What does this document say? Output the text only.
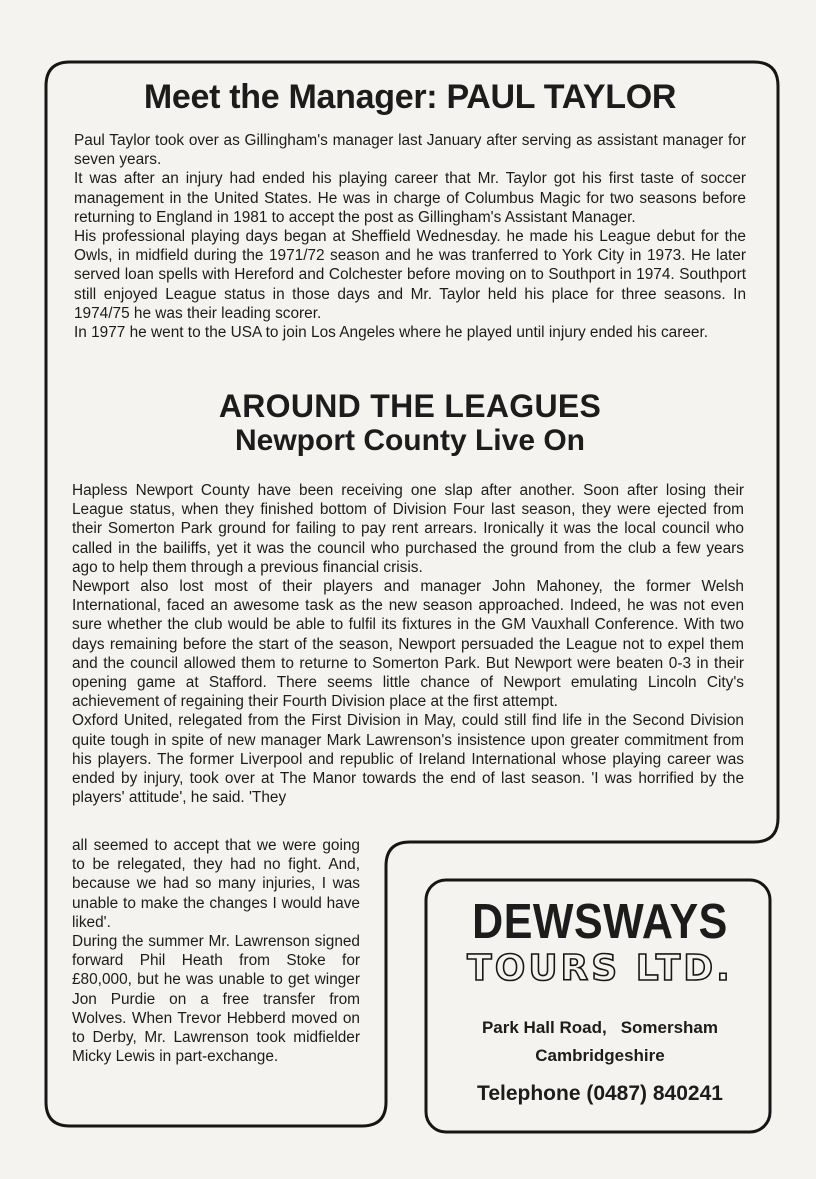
Meet the Manager: PAUL TAYLOR

Paul Taylor took over as Gillingham's manager last January after serving as assistant manager for seven years.

It was after an injury had ended his playing career that Mr. Taylor got his first taste of soccer management in the United States. He was in charge of Columbus Magic for two seasons before returning to England in 1981 to accept the post as Gillingham's Assistant Manager.

His professional playing days began at Sheffield Wednesday. he made his League debut for the Owls, in midfield during the 1971/72 season and he was tranferred to York City in 1973. He later served loan spells with Hereford and Colchester before moving on to Southport in 1974. Southport still enjoyed League status in those days and Mr. Taylor held his place for three seasons. In 1974/75 he was their leading scorer.

In 1977 he went to the USA to join Los Angeles where he played until injury ended his career.

AROUND THE LEAGUES
Newport County Live On

Hapless Newport County have been receiving one slap after another. Soon after losing their League status, when they finished bottom of Division Four last season, they were ejected from their Somerton Park ground for failing to pay rent arrears. Ironically it was the local council who called in the bailiffs, yet it was the council who purchased the ground from the club a few years ago to help them through a previous financial crisis.

Newport also lost most of their players and manager John Mahoney, the former Welsh International, faced an awesome task as the new season approached. Indeed, he was not even sure whether the club would be able to fulfil its fixtures in the GM Vauxhall Conference. With two days remaining before the start of the season, Newport persuaded the League not to expel them and the council allowed them to returne to Somerton Park. But Newport were beaten 0-3 in their opening game at Stafford. There seems little chance of Newport emulating Lincoln City's achievement of regaining their Fourth Division place at the first attempt.

Oxford United, relegated from the First Division in May, could still find life in the Second Division quite tough in spite of new manager Mark Lawrenson's insistence upon greater commitment from his players. The former Liverpool and republic of Ireland International whose playing career was ended by injury, took over at The Manor towards the end of last season. 'I was horrified by the players' attitude', he said. 'They

all seemed to accept that we were going to be relegated, they had no fight. And, because we had so many injuries, I was unable to make the changes I would have liked'.

During the summer Mr. Lawrenson signed forward Phil Heath from Stoke for £80,000, but he was unable to get winger Jon Purdie on a free transfer from Wolves. When Trevor Hebberd moved on to Derby, Mr. Lawrenson took midfielder Micky Lewis in part-exchange.

DEWSWAYS

TOURS LTD.

Park Hall Road, Somersham
Cambridgeshire

Telephone (0487) 840241
